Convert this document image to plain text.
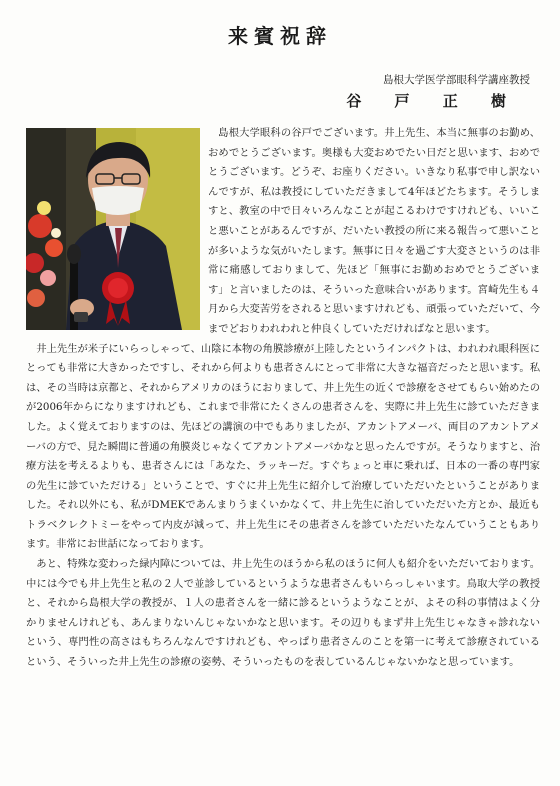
来賓祝辞
島根大学医学部眼科学講座教授
谷 戸 正 樹

島根大学眼科の谷戸でございます。井上先生、本当に無事のお勤め、おめでとうございます。奥様も大変おめでたい日だと思います、おめでとうございます。どうぞ、お座りください。いきなり私事で申し訳ないんですが、私は教授にしていただきまして4年ほどたちます。そうしますと、教室の中で日々いろんなことが起こるわけですけれども、いいこと悪いことがあるんですが、だいたい教授の所に来る報告って悪いことが多いような気がいたします。無事に日々を過ごす大変さというのは非常に痛感しておりまして、先ほど「無事にお勤めおめでとうございます」と言いましたのは、そういった意味合いがあります。宮崎先生も４月から大変苦労をされると思いますけれども、頑張っていただいて、今までどおりわれわれと仲良くしていただければなと思います。

井上先生が米子にいらっしゃって、山陰に本物の角膜診療が上陸したというインパクトは、われわれ眼科医にとっても非常に大きかったですし、それから何よりも患者さんにとって非常に大きな福音だったと思います。私は、その当時は京都と、それからアメリカのほうにおりまして、井上先生の近くで診療をさせてもらい始めたのが2006年からになりますけれども、これまで非常にたくさんの患者さんを、実際に井上先生に診ていただきました。よく覚えておりますのは、先ほどの講演の中でもありましたが、アカントアメーバ、両目のアカントアメーバの方で、見た瞬間に普通の角膜炎じゃなくてアカントアメーバかなと思ったんですが。そうなりますと、治療方法を考えるよりも、患者さんには「あなた、ラッキーだ。すぐちょっと車に乗れば、日本の一番の専門家の先生に診ていただける」ということで、すぐに井上先生に紹介して治療していただいたということがありました。それ以外にも、私がDMEKであんまりうまくいかなくて、井上先生に治していただいた方とか、最近もトラベクレクトミーをやって内皮が減って、井上先生にその患者さんを診ていただいたなんていうこともあります。非常にお世話になっております。

あと、特殊な変わった緑内障については、井上先生のほうから私のほうに何人も紹介をいただいております。中には今でも井上先生と私の２人で並診しているというような患者さんもいらっしゃいます。鳥取大学の教授と、それから島根大学の教授が、１人の患者さんを一緒に診るというようなことが、よその科の事情はよく分かりませんけれども、あんまりないんじゃないかなと思います。その辺りもまず井上先生じゃなきゃ診れないという、専門性の高さはもちろんなんですけれども、やっぱり患者さんのことを第一に考えて診療されているという、そういった井上先生の診療の姿勢、そういったものを表しているんじゃないかなと思っています。
